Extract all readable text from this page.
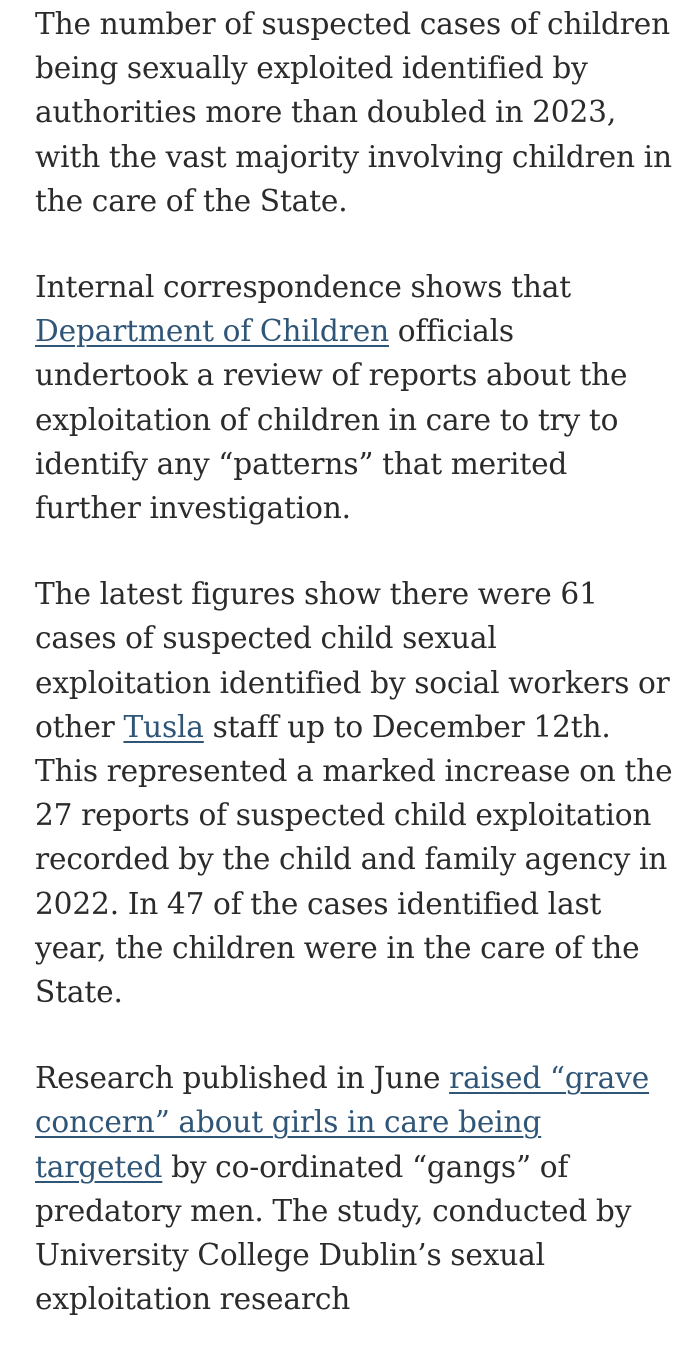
The number of suspected cases of children being sexually exploited identified by authorities more than doubled in 2023, with the vast majority involving children in the care of the State.

Internal correspondence shows that Department of Children officials undertook a review of reports about the exploitation of children in care to try to identify any “patterns” that merited further investigation.

The latest figures show there were 61 cases of suspected child sexual exploitation identified by social workers or other Tusla staff up to December 12th. This represented a marked increase on the 27 reports of suspected child exploitation recorded by the child and family agency in 2022. In 47 of the cases identified last year, the children were in the care of the State.

Research published in June raised “grave concern” about girls in care being targeted by co-ordinated “gangs” of predatory men. The study, conducted by University College Dublin’s sexual exploitation research
